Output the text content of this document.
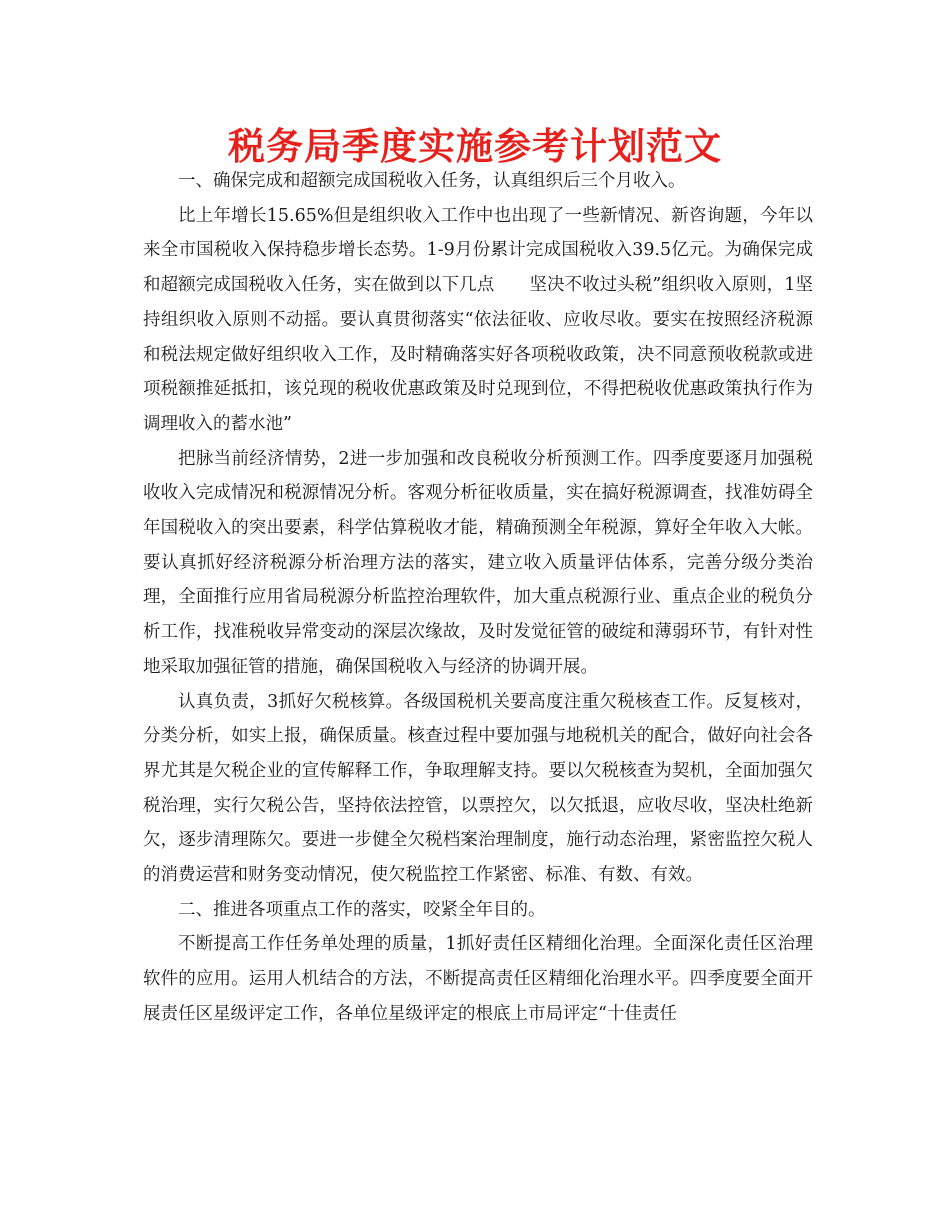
税务局季度实施参考计划范文

一、确保完成和超额完成国税收入任务，认真组织后三个月收入。

比上年增长15.65%但是组织收入工作中也出现了一些新情况、新咨询题，今年以来全市国税收入保持稳步增长态势。1-9月份累计完成国税收入39.5亿元。为确保完成和超额完成国税收入任务，实在做到以下几点　　坚决不收过头税”组织收入原则，1坚持组织收入原则不动摇。要认真贯彻落实“依法征收、应收尽收。要实在按照经济税源和税法规定做好组织收入工作，及时精确落实好各项税收政策，决不同意预收税款或进项税额推延抵扣，该兑现的税收优惠政策及时兑现到位，不得把税收优惠政策执行作为调理收入的蓄水池”

把脉当前经济情势，2进一步加强和改良税收分析预测工作。四季度要逐月加强税收收入完成情况和税源情况分析。客观分析征收质量，实在搞好税源调查，找准妨碍全年国税收入的突出要素，科学估算税收才能，精确预测全年税源，算好全年收入大帐。要认真抓好经济税源分析治理方法的落实，建立收入质量评估体系，完善分级分类治理，全面推行应用省局税源分析监控治理软件，加大重点税源行业、重点企业的税负分析工作，找准税收异常变动的深层次缘故，及时发觉征管的破绽和薄弱环节，有针对性地采取加强征管的措施，确保国税收入与经济的协调开展。

认真负责，3抓好欠税核算。各级国税机关要高度注重欠税核查工作。反复核对，分类分析，如实上报，确保质量。核查过程中要加强与地税机关的配合，做好向社会各界尤其是欠税企业的宣传解释工作，争取理解支持。要以欠税核查为契机，全面加强欠税治理，实行欠税公告，坚持依法控管，以票控欠，以欠抵退，应收尽收，坚决杜绝新欠，逐步清理陈欠。要进一步健全欠税档案治理制度，施行动态治理，紧密监控欠税人的消费运营和财务变动情况，使欠税监控工作紧密、标准、有数、有效。

二、推进各项重点工作的落实，咬紧全年目的。

不断提高工作任务单处理的质量，1抓好责任区精细化治理。全面深化责任区治理软件的应用。运用人机结合的方法，不断提高责任区精细化治理水平。四季度要全面开展责任区星级评定工作，各单位星级评定的根底上市局评定“十佳责任
